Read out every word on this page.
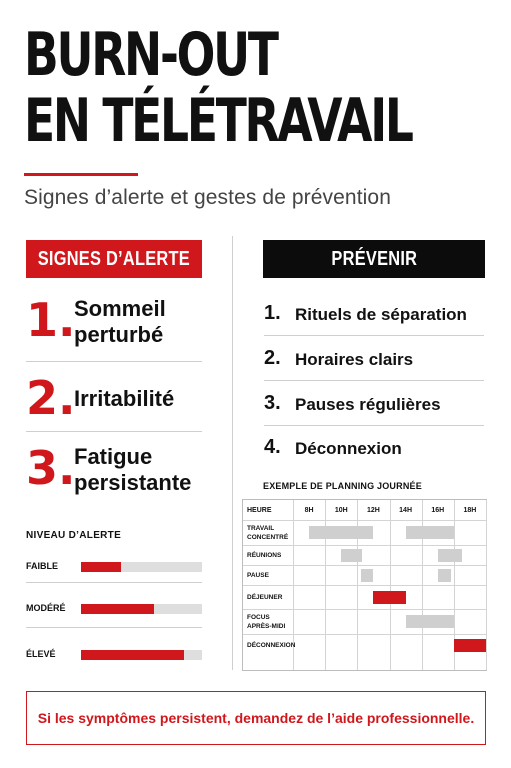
BURN-OUT
EN TÉLÉTRAVAIL
Signes d’alerte et gestes de prévention
SIGNES D’ALERTE
1.
Sommeil
perturbé
2.
Irritabilité
3.
Fatigue
persistante
NIVEAU D’ALERTE
FAIBLE
MODÉRÉ
ÉLEVÉ
PRÉVENIR
1. Rituels de séparation
2. Horaires clairs
3. Pauses régulières
4. Déconnexion
EXEMPLE DE PLANNING JOURNÉE
HEURE	8H	10H	12H	14H	16H	18H
TRAVAIL
CONCENTRÉ
RÉUNIONS
PAUSE
DÉJEUNER
FOCUS
APRÈS-MIDI
DÉCONNEXION
Si les symptômes persistent, demandez de l’aide professionnelle.
